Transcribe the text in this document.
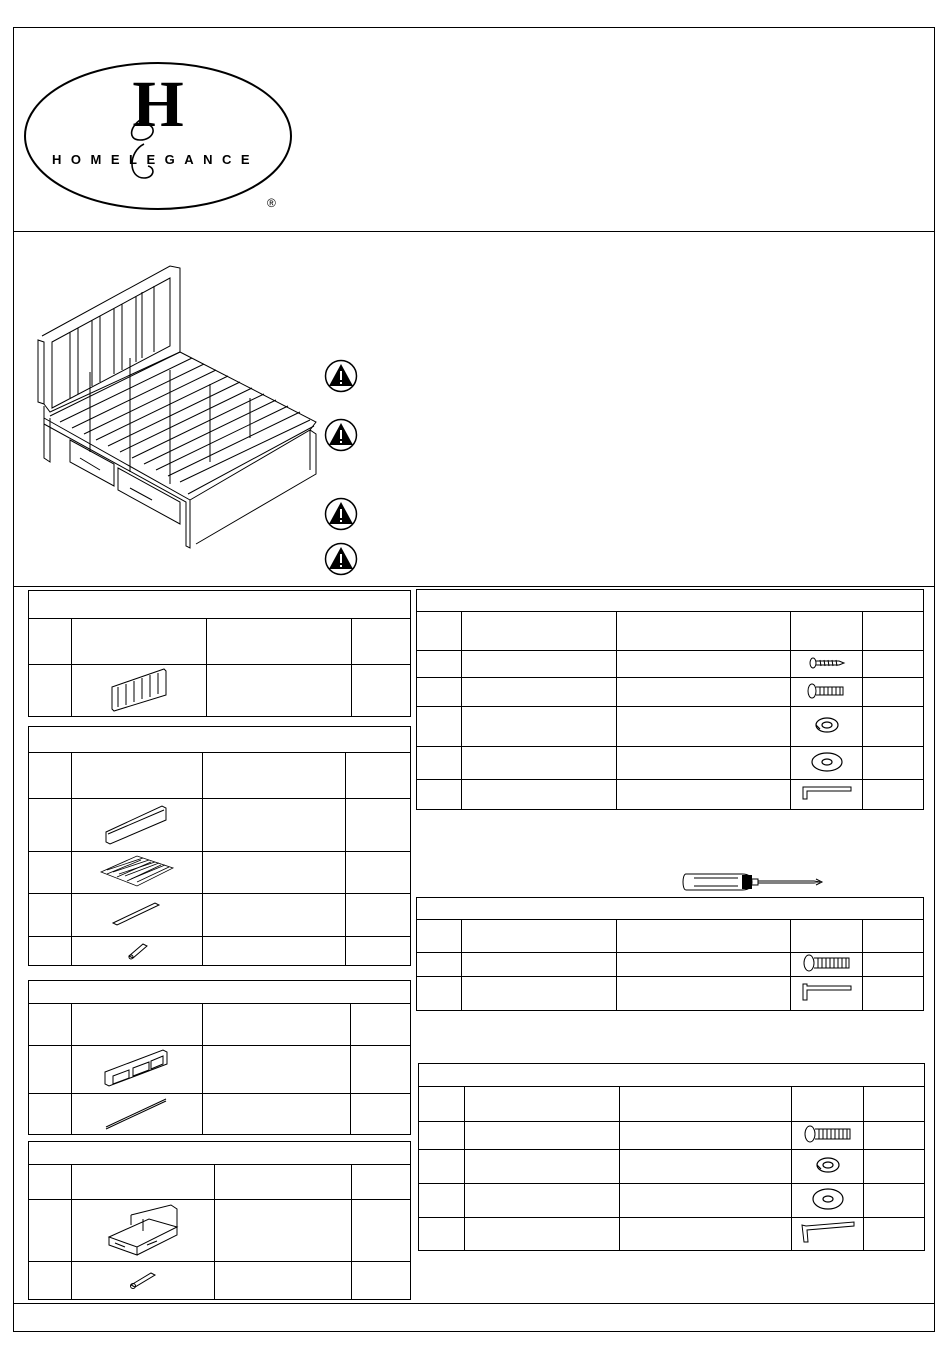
H
HOMELEGANCE
®
